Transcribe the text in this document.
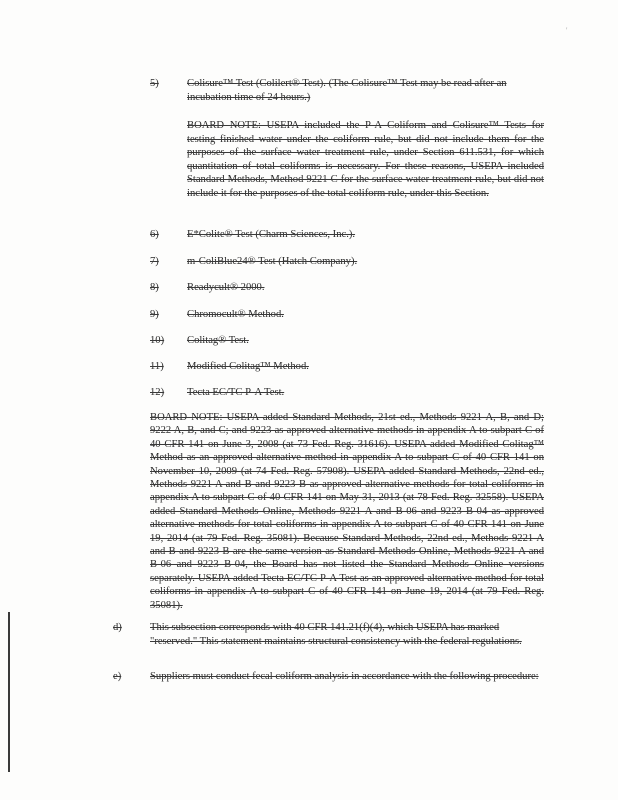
'
5)	Colisure™ Test (Colilert® Test). (The Colisure™ Test may be read after an incubation time of 24 hours.)
BOARD NOTE: USEPA included the P-A Coliform and Colisure™ Tests for testing finished water under the coliform rule, but did not include them for the purposes of the surface water treatment rule, under Section 611.531, for which quantitation of total coliforms is necessary. For these reasons, USEPA included Standard Methods, Method 9221 C for the surface water treatment rule, but did not include it for the purposes of the total coliform rule, under this Section.
6)	E*Colite® Test (Charm Sciences, Inc.).
7)	m-ColiBlue24® Test (Hatch Company).
8)	Readycult® 2000.
9)	Chromocult® Method.
10) Colitag® Test.
11) Modified Colitag™ Method.
12) Tecta EC/TC P-A Test.
BOARD NOTE: USEPA added Standard Methods, 21st ed., Methods 9221 A, B, and D; 9222 A, B, and C; and 9223 as approved alternative methods in appendix A to subpart C of 40 CFR 141 on June 3, 2008 (at 73 Fed. Reg. 31616). USEPA added Modified Colitag™ Method as an approved alternative method in appendix A to subpart C of 40 CFR 141 on November 10, 2009 (at 74 Fed. Reg. 57908). USEPA added Standard Methods, 22nd ed., Methods 9221 A and B and 9223 B as approved alternative methods for total coliforms in appendix A to subpart C of 40 CFR 141 on May 31, 2013 (at 78 Fed. Reg. 32558). USEPA added Standard Methods Online, Methods 9221 A and B-06 and 9223 B-04 as approved alternative methods for total coliforms in appendix A to subpart C of 40 CFR 141 on June 19, 2014 (at 79 Fed. Reg. 35081). Because Standard Methods, 22nd ed., Methods 9221 A and B and 9223 B are the same version as Standard Methods Online, Methods 9221 A and B-06 and 9223 B-04, the Board has not listed the Standard Methods Online versions separately. USEPA added Tecta EC/TC P-A Test as an approved alternative method for total coliforms in appendix A to subpart C of 40 CFR 141 on June 19, 2014 (at 79 Fed. Reg. 35081).
d)	This subsection corresponds with 40 CFR 141.21(f)(4), which USEPA has marked "reserved." This statement maintains structural consistency with the federal regulations.
e)	Suppliers must conduct fecal coliform analysis in accordance with the following procedure:
